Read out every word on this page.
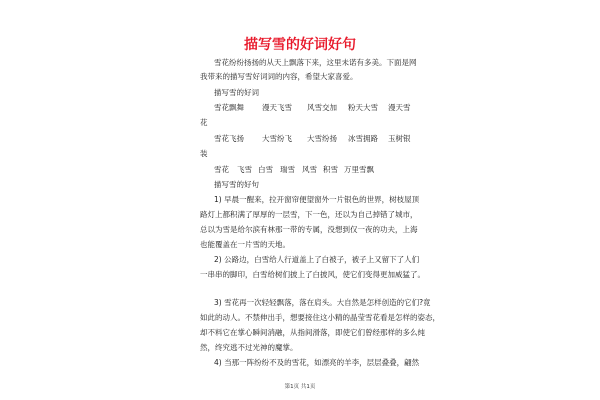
描写雪的好词好句

雪花纷纷扬扬的从天上飘落下来，这里未诺有多美。下面是网

我带来的描写雪好词词的内容，希望大家喜爱。

描写雪的好词

雪花飘舞 漫天飞雪 风雪交加 粉天大雪 漫天雪
花
雪花飞扬 大雪纷飞 大雪纷扬 冰雪拥路 玉树银
装
雪花 飞雪 白雪 瑞雪 风雪 积雪 万里雪飘

描写雪的好句

1) 早晨一醒来，拉开窗帘便望窗外一片银色的世界，树枝屋顶

路灯上都积满了厚厚的一层雪，下一色，还以为自己掉错了城市，

总以为雪是给尔滨有林那一带的专属，没想到仅一夜的功夫，上海

也能覆盖在一片雪的天地。

2) 公路边，白雪给人行道盖上了白被子，被子上又留下了人们

一串串的脚印，白雪给树们披上了白披风，使它们变得更加威猛了。

3) 雪花再一次轻轻飘落，落在肩头。大自然是怎样创造的它们?竟

如此的动人。不禁伸出手，想要接住这小精的晶莹雪花看是怎样的姿态，

却不料它在掌心瞬间消融，从指间滑落，即使它们曾经那样的多么纯

然，终究逃不过光神的魔掌。

4) 当那一阵纷纷不及的雪花，如漂亮的羊李，层层叠叠，翩然

第1页 共1页
